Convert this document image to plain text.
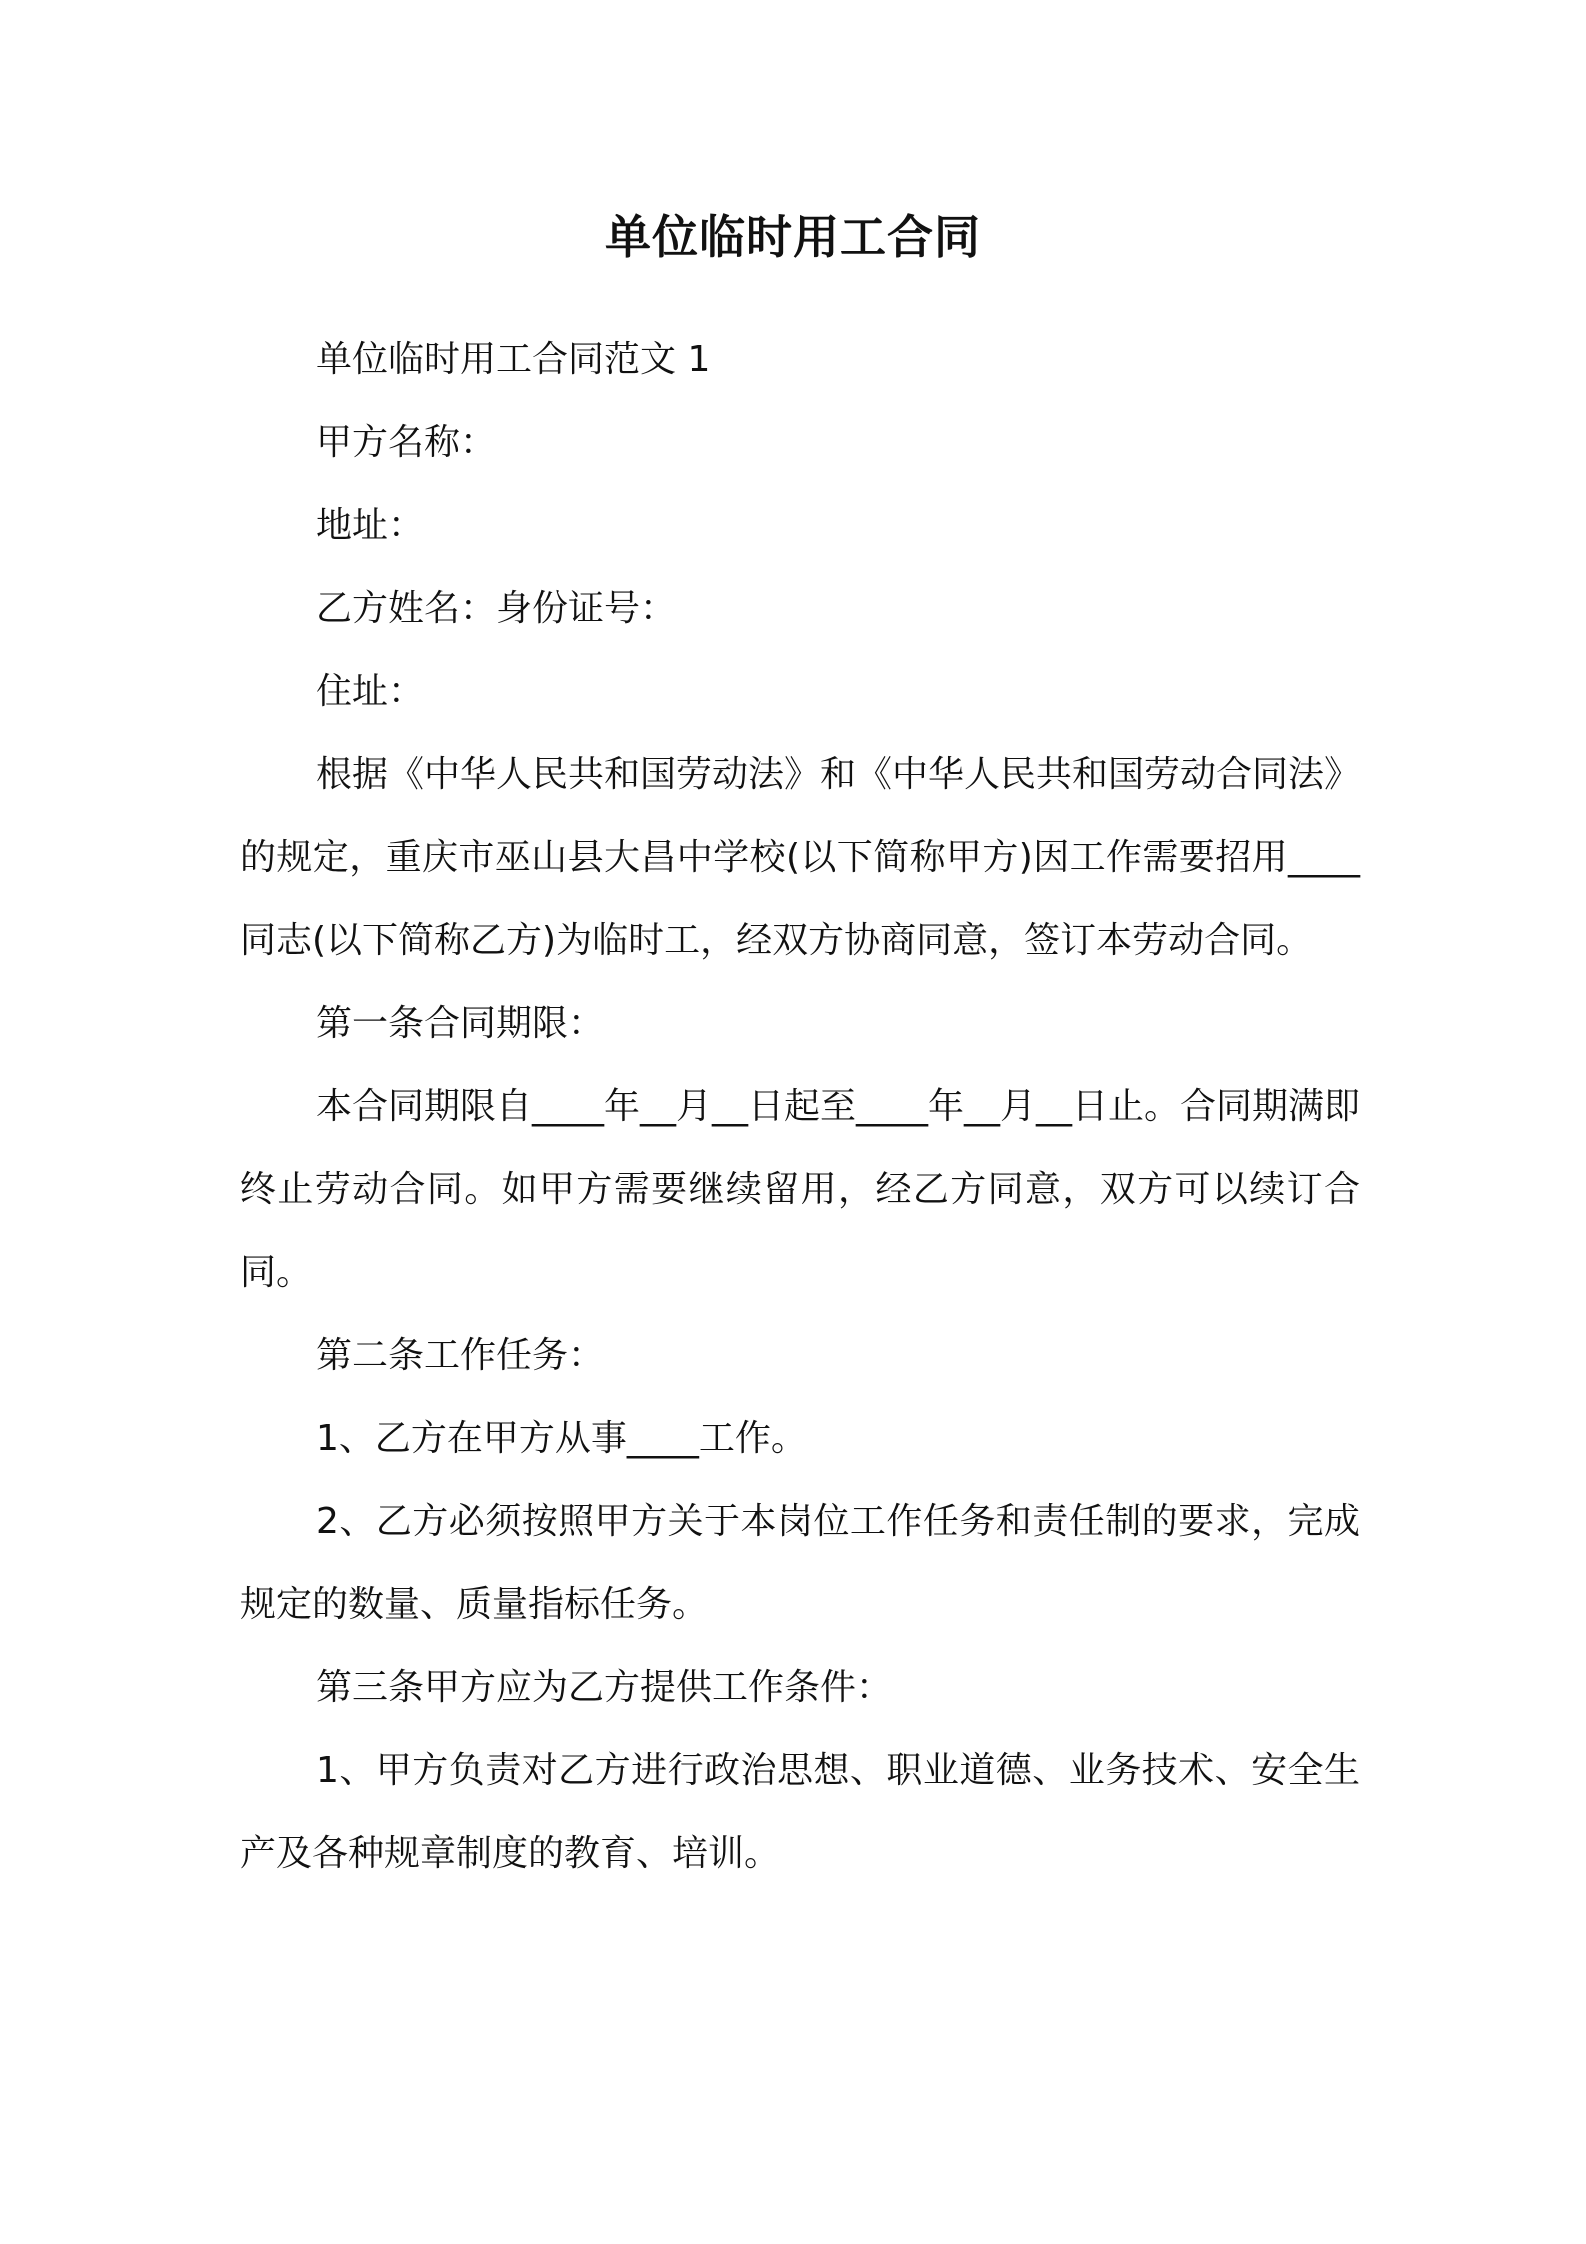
单位临时用工合同

单位临时用工合同范文 1

甲方名称：

地址：

乙方姓名：身份证号：

住址：

根据《中华人民共和国劳动法》和《中华人民共和国劳动合同法》的规定，重庆市巫山县大昌中学校(以下简称甲方)因工作需要招用____同志(以下简称乙方)为临时工，经双方协商同意，签订本劳动合同。

第一条合同期限：

本合同期限自____年__月__日起至____年__月__日止。合同期满即终止劳动合同。如甲方需要继续留用，经乙方同意，双方可以续订合同。

第二条工作任务：

1、乙方在甲方从事____工作。

2、乙方必须按照甲方关于本岗位工作任务和责任制的要求，完成规定的数量、质量指标任务。

第三条甲方应为乙方提供工作条件：

1、甲方负责对乙方进行政治思想、职业道德、业务技术、安全生产及各种规章制度的教育、培训。
